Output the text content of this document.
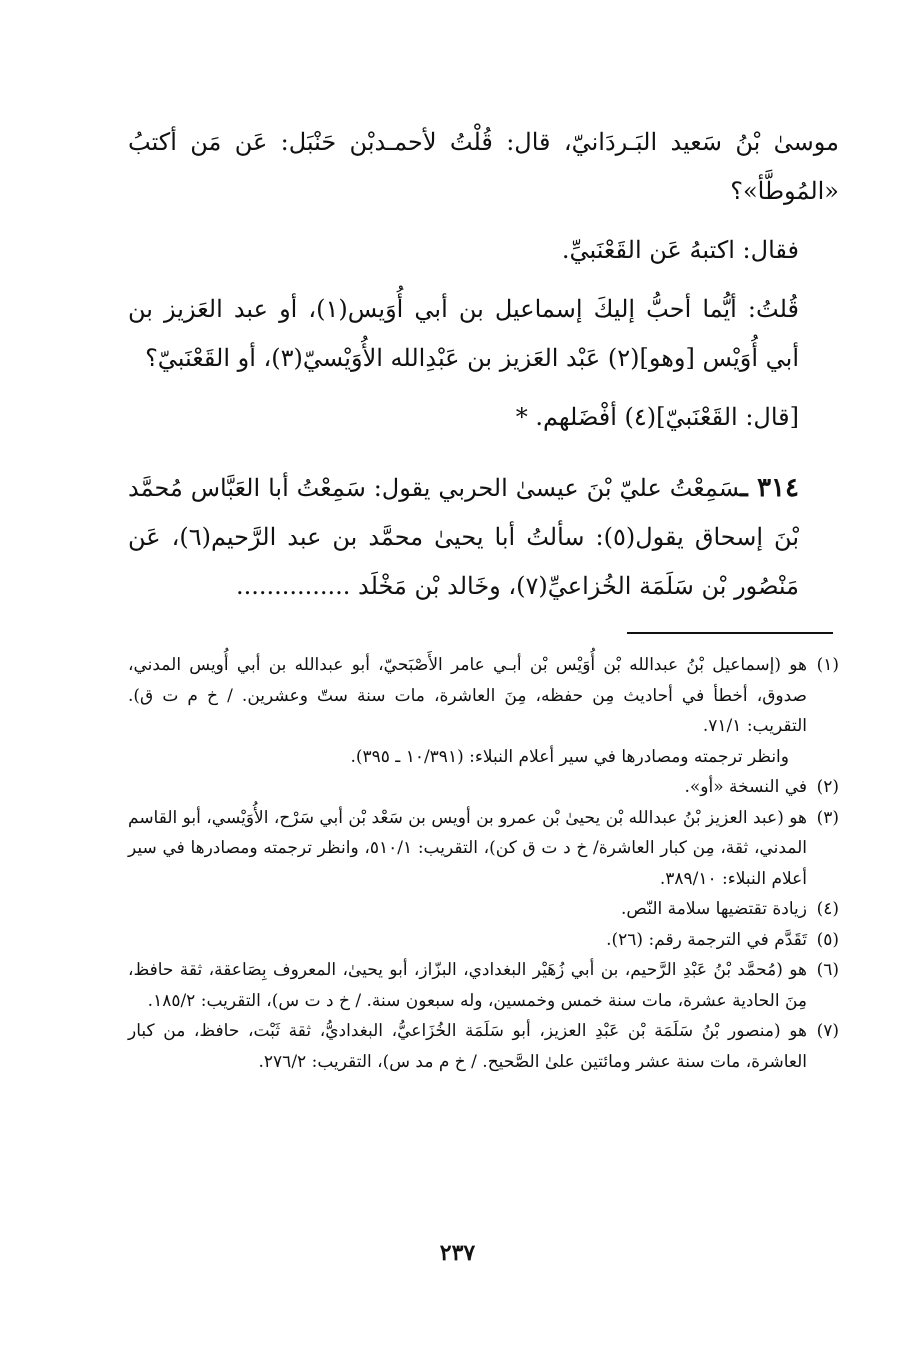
موسىٰ بْنُ سَعيد البَـردَانيّ، قال: قُلْتُ لأحمـدبْن حَنْبَل: عَن مَن أكتبُ «المُوطَّأ»؟

فقال: اكتبهُ عَن القَعْنَبيِّ.

قُلتُ: أيُّما أحبُّ إليكَ إسماعيل بن أبي أُوَيس(١)، أو عبد العَزيز بن أبي أُوَيْس [وهو](٢) عَبْد العَزيز بن عَبْدِالله الأُوَيْسيّ(٣)، أو القَعْنَبيّ؟

[قال: القَعْنَبيّ](٤) أفْضَلهم. *

٣١٤ ـسَمِعْتُ عليّ بْنَ عيسىٰ الحربي يقول: سَمِعْتُ أبا العَبَّاس مُحمَّد بْنَ إسحاق يقول(٥): سألتُ أبا يحيىٰ محمَّد بن عبد الرَّحيم(٦)، عَن مَنْصُور بْن سَلَمَة الخُزاعيِّ(٧)، وخَالد بْن مَخْلَد ...............

(١)
هو (إسماعيل بْنُ عبدالله بْن أُوَيْس بْن أبـي عامر الأَصْبَحيّ، أبو عبدالله بن أبي أُويس المدني، صدوق، أخطأ في أحاديث مِن حفظه، مِنَ العاشرة، مات سنة ستّ وعشرين. / خ م ت ق). التقريب: ٧١/١.
وانظر ترجمته ومصادرها في سير أعلام النبلاء: (١٠/٣٩١ ـ ٣٩٥).

(٢)
في النسخة «أو».

(٣)
هو (عبد العزيز بْنُ عبدالله بْن يحيىٰ بْن عمرو بن أويس بن سَعْد بْن أبي سَرْح، الأُوَيْسي، أبو القاسم المدني، ثقة، مِن كبار العاشرة/ خ د ت ق كن)، التقريب: ٥١٠/١، وانظر ترجمته ومصادرها في سير أعلام النبلاء: ٣٨٩/١٠.

(٤)
زيادة تقتضيها سلامة النّص.

(٥)
تَقَدَّم في الترجمة رقم: (٢٦).

(٦)
هو (مُحمَّد بْنُ عَبْدِ الرَّحيم، بن أبي زُهَيْر البغدادي، البزّاز، أبو يحيىٰ، المعروف بِصَاعقة، ثقة حافظ، مِنَ الحادية عشرة، مات سنة خمس وخمسين، وله سبعون سنة. / خ د ت س)، التقريب: ١٨٥/٢.

(٧)
هو (منصور بْنُ سَلَمَة بْن عَبْدِ العزيز، أبو سَلَمَة الخُزَاعيُّ، البغداديُّ، ثقة ثَبْت، حافظ، من كبار العاشرة، مات سنة عشر ومائتين علىٰ الصَّحيح. / خ م مد س)، التقريب: ٢٧٦/٢.

٢٣٧
